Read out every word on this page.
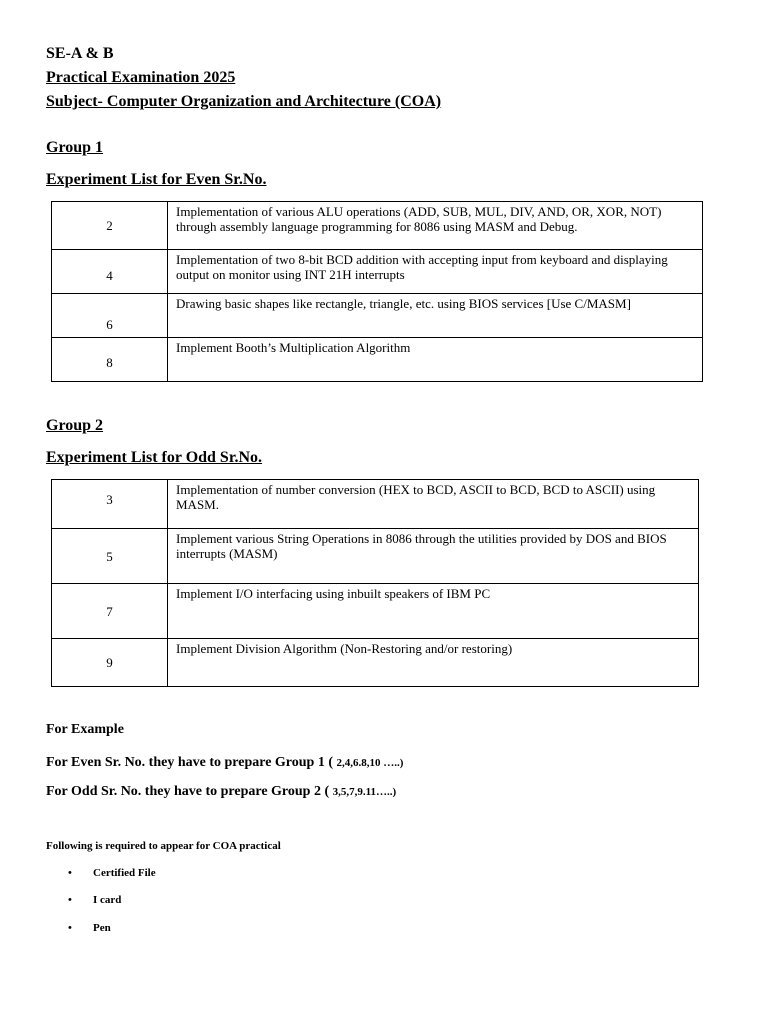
SE-A & B
Practical Examination 2025
Subject- Computer Organization and Architecture (COA)
Group 1
Experiment List for Even Sr.No.
2	Implementation of various ALU operations (ADD, SUB, MUL, DIV, AND, OR, XOR, NOT) through assembly language programming for 8086 using MASM and Debug.
4	Implementation of two 8-bit BCD addition with accepting input from keyboard and displaying output on monitor using INT 21H interrupts
6	Drawing basic shapes like rectangle, triangle, etc. using BIOS services [Use C/MASM]
8	Implement Booth’s Multiplication Algorithm
Group 2
Experiment List for Odd Sr.No.
3	Implementation of number conversion (HEX to BCD, ASCII to BCD, BCD to ASCII) using MASM.
5	Implement various String Operations in 8086 through the utilities provided by DOS and BIOS interrupts (MASM)
7	Implement I/O interfacing using inbuilt speakers of IBM PC
9	Implement Division Algorithm (Non-Restoring and/or restoring)
For Example
For Even Sr. No. they have to prepare Group 1 ( 2,4,6.8,10 …..)
For Odd Sr. No. they have to prepare Group 2 ( 3,5,7,9.11…..)
Following is required to appear for COA practical
• Certified File
• I card
• Pen
